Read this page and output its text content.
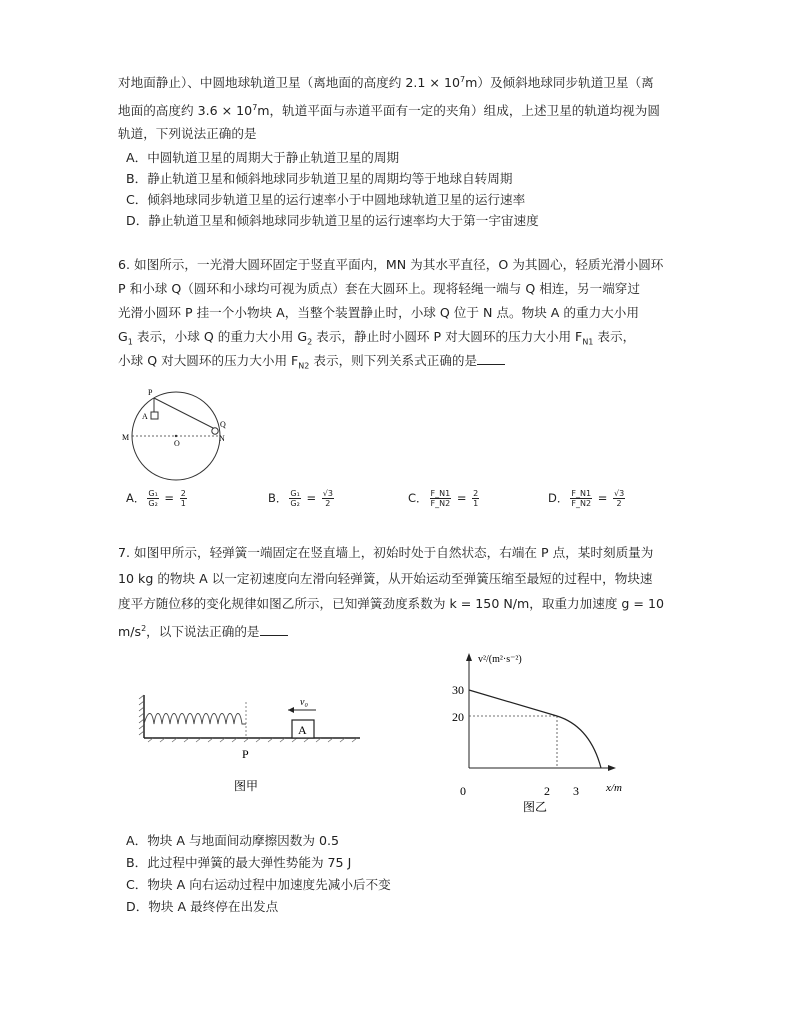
对地面静止）、中圆地球轨道卫星（离地面的高度约 $2.1 \times 10^7m$）及倾斜地球同步轨道卫星（离
地面的高度约 $3.6 \times 10^7m$，轨道平面与赤道平面有一定的夹角）组成，上述卫星的轨道均视为圆
轨道，下列说法正确的是
A．中圆轨道卫星的周期大于静止轨道卫星的周期
B．静止轨道卫星和倾斜地球同步轨道卫星的周期均等于地球自转周期
C．倾斜地球同步轨道卫星的运行速率小于中圆地球轨道卫星的运行速率
D．静止轨道卫星和倾斜地球同步轨道卫星的运行速率均大于第一宇宙速度
6. 如图所示，一光滑大圆环固定于竖直平面内，MN 为其水平直径，O 为其圆心，轻质光滑小圆环
P 和小球 Q（圆环和小球均可视为质点）套在大圆环上。现将轻绳一端与 Q 相连，另一端穿过
光滑小圆环 P 挂一个小物块 A，当整个装置静止时，小球 Q 位于 N 点。物块 A 的重力大小用
$G_1$ 表示，小球 Q 的重力大小用 $G_2$ 表示，静止时小圆环 P 对大圆环的压力大小用 $F_{N1}$ 表示，
小球 Q 对大圆环的压力大小用 $F_{N2}$ 表示，则下列关系式正确的是
P
A
M
O
Q
N
A． $\frac{\text{G₁}}{\text{G₂}} = \frac{2}{1}$	B． $\frac{\text{G₁}}{\text{G₂}} = \frac{√3}{2}$	C． $\frac{F\_N1}{F\_N2} = \frac{2}{1}$	D． $\frac{F\_N1}{F\_N2} = \frac{√3}{2}$
7. 如图甲所示，轻弹簧一端固定在竖直墙上，初始时处于自然状态，右端在 P 点，某时刻质量为
10 kg 的物块 A 以一定初速度向左滑向轻弹簧，从开始运动至弹簧压缩至最短的过程中，物块速
度平方随位移的变化规律如图乙所示，已知弹簧劲度系数为 k = 150 N/m，取重力加速度 g = 10
$m/s^2$，以下说法正确的是
A
v₀
P
图甲
v²/(m²·s⁻²)
x/m
30
20
0	2 3
图乙
A．物块 A 与地面间动摩擦因数为 0.5
B．此过程中弹簧的最大弹性势能为 75 J
C．物块 A 向右运动过程中加速度先减小后不变
D．物块 A 最终停在出发点
